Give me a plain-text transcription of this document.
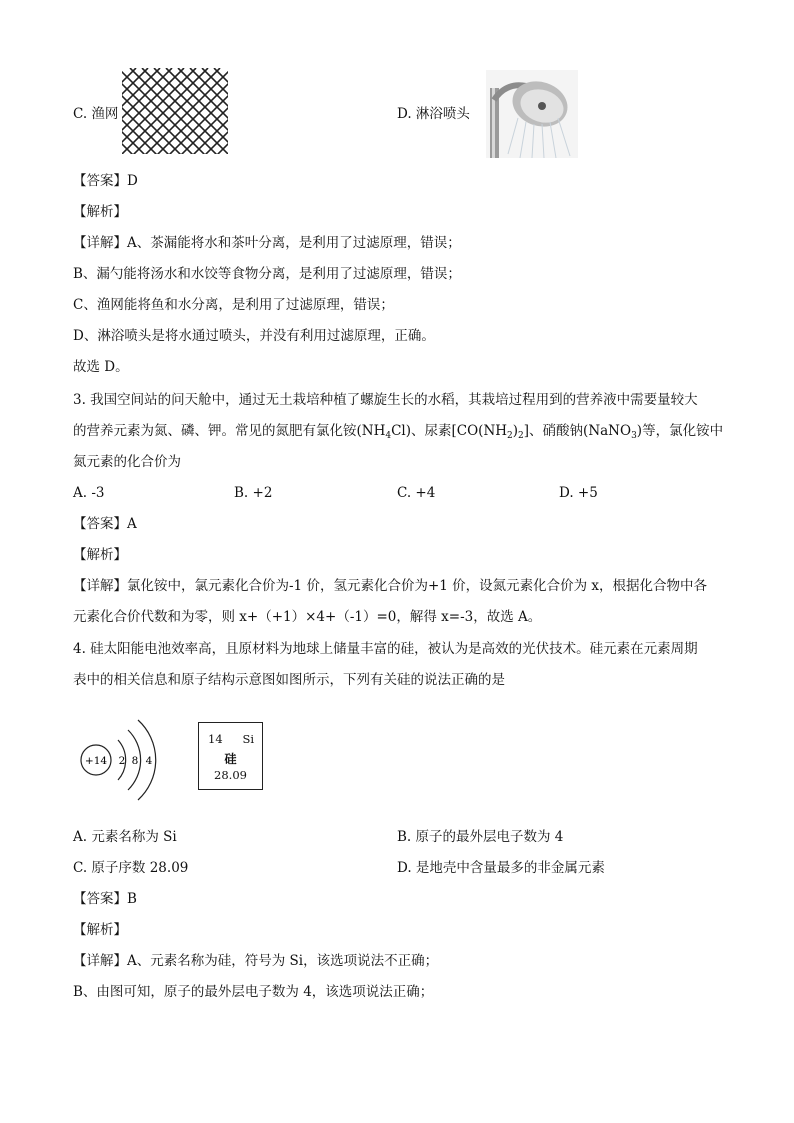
C. 渔网	D. 淋浴喷头
【答案】D
【解析】
【详解】A、茶漏能将水和茶叶分离，是利用了过滤原理，错误；
B、漏勺能将汤水和水饺等食物分离，是利用了过滤原理，错误；
C、渔网能将鱼和水分离，是利用了过滤原理，错误；
D、淋浴喷头是将水通过喷头，并没有利用过滤原理，正确。
故选 D。
3. 我国空间站的问天舱中，通过无土栽培种植了螺旋生长的水稻，其栽培过程用到的营养液中需要量较大
的营养元素为氮、磷、钾。常见的氮肥有氯化铵$(NH_4Cl)$、尿素$[CO(NH_2)_2]$、硝酸钠(NaNO$_3$)等，氯化铵中
氮元素的化合价为
A. -3	B. +2	C. +4	D. +5
【答案】A
【解析】
【详解】氯化铵中，氯元素化合价为-1 价，氢元素化合价为+1 价，设氮元素化合价为 x，根据化合物中各
元素化合价代数和为零，则 x+（+1）×4+（-1）=0，解得 x=-3，故选 A。
4. 硅太阳能电池效率高，且原材料为地球上储量丰富的硅，被认为是高效的光伏技术。硅元素在元素周期
表中的相关信息和原子结构示意图如图所示，下列有关硅的说法正确的是
+14 2 8 4
14 Si
硅
28.09
A. 元素名称为 Si	B. 原子的最外层电子数为 4
C. 原子序数 28.09	D. 是地壳中含量最多的非金属元素
【答案】B
【解析】
【详解】A、元素名称为硅，符号为 Si，该选项说法不正确；
B、由图可知，原子的最外层电子数为 4，该选项说法正确；
